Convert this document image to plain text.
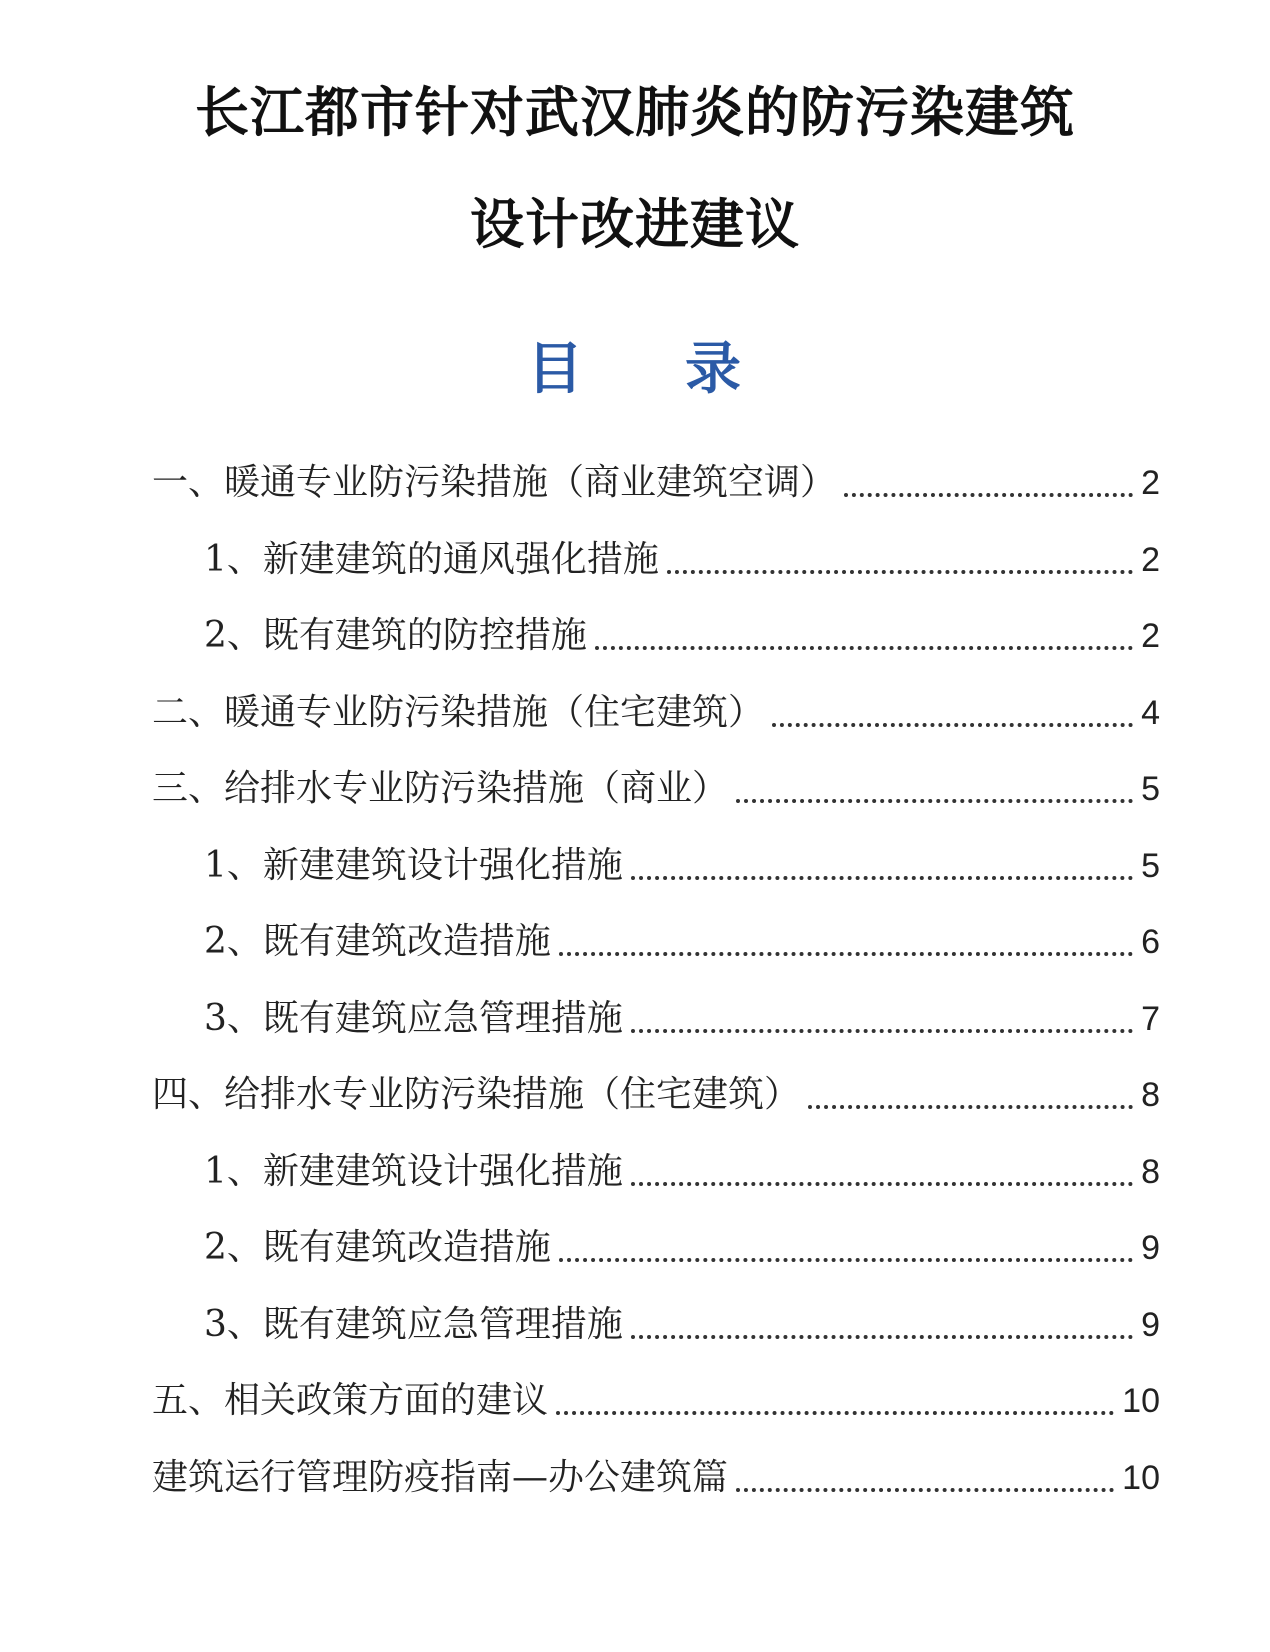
长江都市针对武汉肺炎的防污染建筑
设计改进建议
目 录
一、暖通专业防污染措施（商业建筑空调）	2
1、新建建筑的通风强化措施	2
2、既有建筑的防控措施	2
二、暖通专业防污染措施（住宅建筑）	4
三、给排水专业防污染措施（商业）	5
1、新建建筑设计强化措施	5
2、既有建筑改造措施	6
3、既有建筑应急管理措施	7
四、给排水专业防污染措施（住宅建筑）	8
1、新建建筑设计强化措施	8
2、既有建筑改造措施	9
3、既有建筑应急管理措施	9
五、相关政策方面的建议	10
建筑运行管理防疫指南—办公建筑篇	10
